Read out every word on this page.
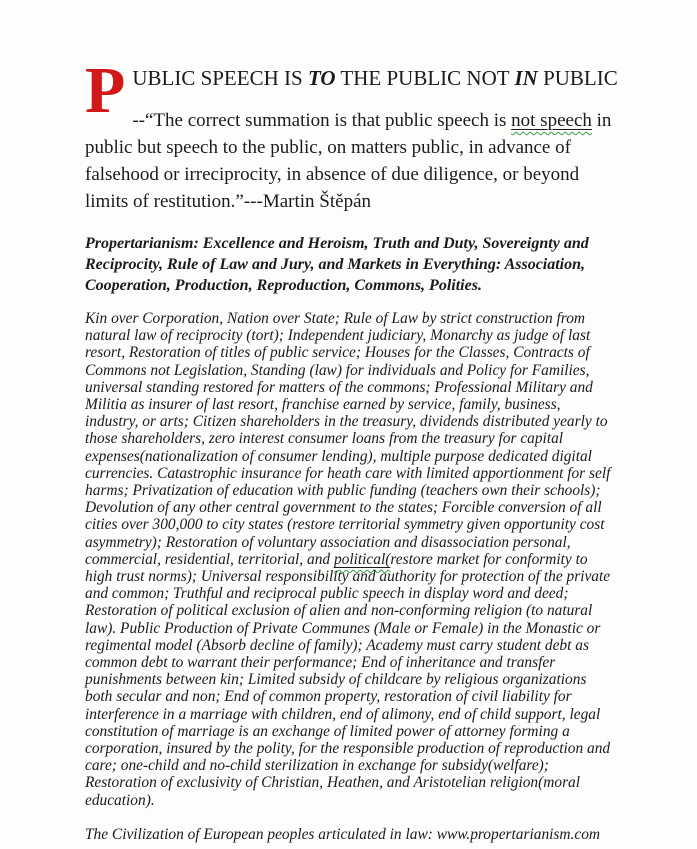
P UBLIC SPEECH IS TO THE PUBLIC NOT IN PUBLIC

--“The correct summation is that public speech is not speech in public but speech to the public, on matters public, in advance of falsehood or irreciprocity, in absence of due diligence, or beyond limits of restitution.”---Martin Štěpán

Propertarianism: Excellence and Heroism, Truth and Duty, Sovereignty and Reciprocity, Rule of Law and Jury, and Markets in Everything: Association, Cooperation, Production, Reproduction, Commons, Polities.

Kin over Corporation, Nation over State; Rule of Law by strict construction from natural law of reciprocity (tort); Independent judiciary, Monarchy as judge of last resort, Restoration of titles of public service; Houses for the Classes, Contracts of Commons not Legislation, Standing (law) for individuals and Policy for Families, universal standing restored for matters of the commons; Professional Military and Militia as insurer of last resort, franchise earned by service, family, business, industry, or arts; Citizen shareholders in the treasury, dividends distributed yearly to those shareholders, zero interest consumer loans from the treasury for capital expenses(nationalization of consumer lending), multiple purpose dedicated digital currencies. Catastrophic insurance for heath care with limited apportionment for self harms; Privatization of education with public funding (teachers own their schools); Devolution of any other central government to the states; Forcible conversion of all cities over 300,000 to city states (restore territorial symmetry given opportunity cost asymmetry); Restoration of voluntary association and disassociation personal, commercial, residential, territorial, and political(restore market for conformity to high trust norms); Universal responsibility and authority for protection of the private and common; Truthful and reciprocal public speech in display word and deed; Restoration of political exclusion of alien and non-conforming religion (to natural law). Public Production of Private Communes (Male or Female) in the Monastic or regimental model (Absorb decline of family); Academy must carry student debt as common debt to warrant their performance; End of inheritance and transfer punishments between kin; Limited subsidy of childcare by religious organizations both secular and non; End of common property, restoration of civil liability for interference in a marriage with children, end of alimony, end of child support, legal constitution of marriage is an exchange of limited power of attorney forming a corporation, insured by the polity, for the responsible production of reproduction and care; one-child and no-child sterilization in exchange for subsidy(welfare); Restoration of exclusivity of Christian, Heathen, and Aristotelian religion(moral education).

The Civilization of European peoples articulated in law: www.propertarianism.com
